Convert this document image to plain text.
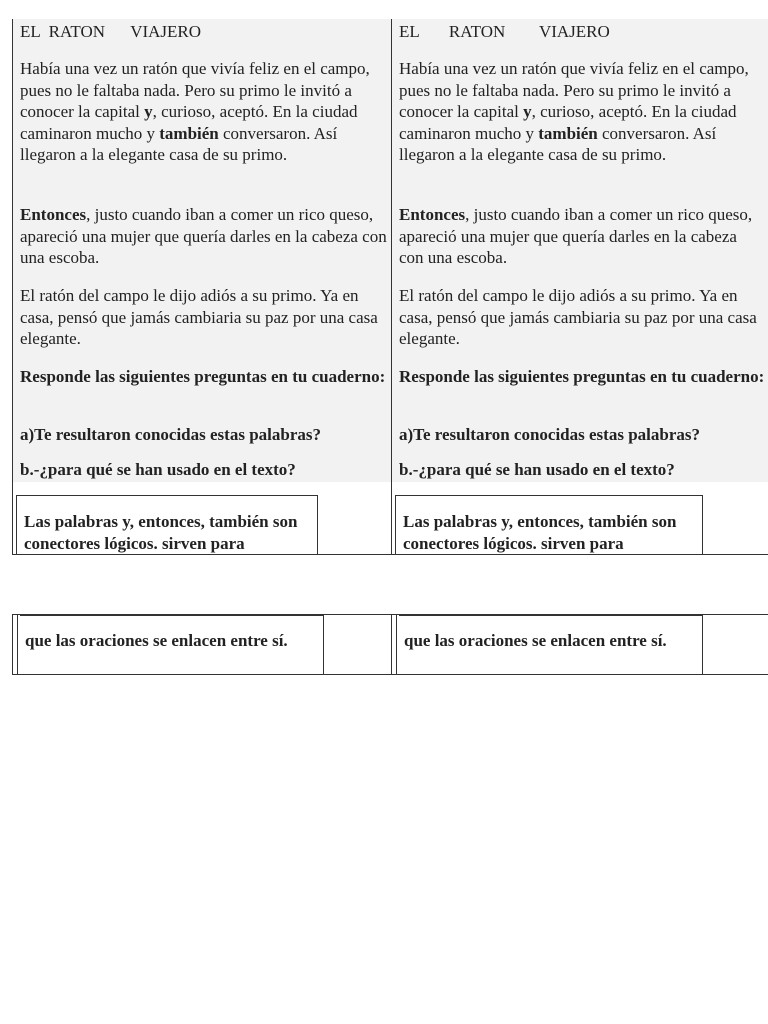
EL  RATON      VIAJERO

Había una vez un ratón que vivía feliz en el campo, pues no le faltaba nada. Pero su primo le invitó a conocer la capital y, curioso, aceptó. En la ciudad caminaron mucho y también conversaron. Así llegaron a la elegante casa de su primo.

Entonces, justo cuando iban a comer un rico queso, apareció una mujer que quería darles en la cabeza con una escoba.

El ratón del campo le dijo adiós a su primo. Ya en casa, pensó que jamás cambiaria su paz por una casa elegante.

Responde las siguientes preguntas en tu cuaderno:

a)Te resultaron conocidas estas palabras?

b.-¿para qué se han usado en el texto?

Las palabras y, entonces, también son conectores lógicos. sirven para
EL       RATON        VIAJERO

Había una vez un ratón que vivía feliz en el campo, pues no le faltaba nada. Pero su primo le invitó a conocer la capital y, curioso, aceptó. En la ciudad caminaron mucho y también conversaron. Así llegaron a la elegante casa de su primo.

Entonces, justo cuando iban a comer un rico queso, apareció una mujer que quería darles en la cabeza con una escoba.

El ratón del campo le dijo adiós a su primo. Ya en casa, pensó que jamás cambiaria su paz por una casa elegante.

Responde las siguientes preguntas en tu cuaderno:

a)Te resultaron conocidas estas palabras?

b.-¿para qué se han usado en el texto?

Las palabras y, entonces, también son conectores lógicos. sirven para
que las oraciones se enlacen entre sí.	que las oraciones se enlacen entre sí.
